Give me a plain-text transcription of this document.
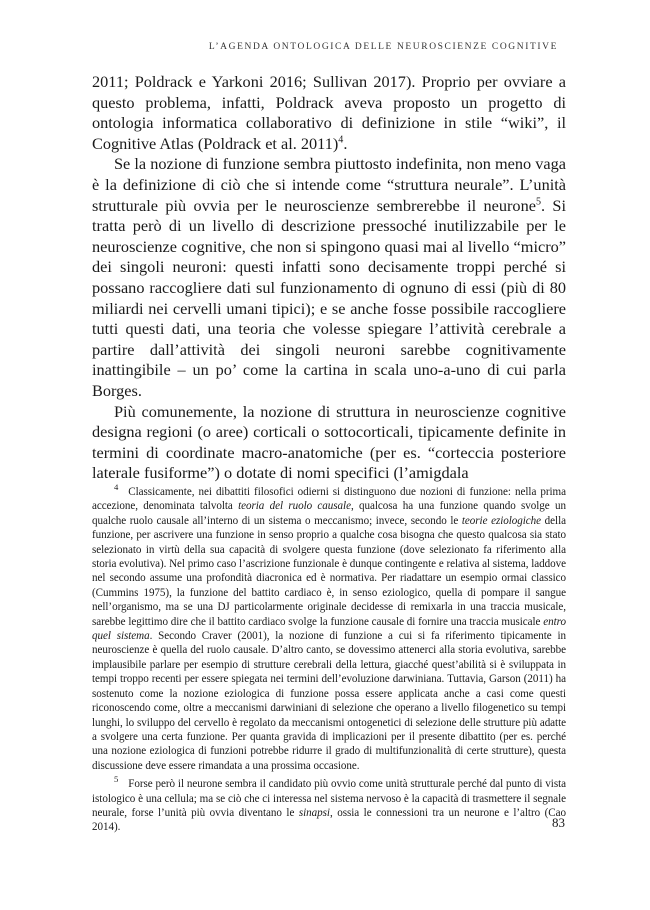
L’AGENDA ONTOLOGICA DELLE NEUROSCIENZE COGNITIVE

2011; Poldrack e Yarkoni 2016; Sullivan 2017). Proprio per ovviare a questo problema, infatti, Poldrack aveva proposto un progetto di ontologia informatica collaborativo di definizione in stile “wiki”, il Cognitive Atlas (Poldrack et al. 2011)$^4$.

Se la nozione di funzione sembra piuttosto indefinita, non meno vaga è la definizione di ciò che si intende come “struttura neurale”. L’unità strutturale più ovvia per le neuroscienze sembrerebbe il neurone$^5$. Si tratta però di un livello di descrizione pressoché inutilizzabile per le neuroscienze cognitive, che non si spingono quasi mai al livello “micro” dei singoli neuroni: questi infatti sono decisamente troppi perché si possano raccogliere dati sul funzionamento di ognuno di essi (più di 80 miliardi nei cervelli umani tipici); e se anche fosse possibile raccogliere tutti questi dati, una teoria che volesse spiegare l’attività cerebrale a partire dall’attività dei singoli neuroni sarebbe cognitivamente inattingibile – un po’ come la cartina in scala uno-a-uno di cui parla Borges.

Più comunemente, la nozione di struttura in neuroscienze cognitive designa regioni (o aree) corticali o sottocorticali, tipicamente definite in termini di coordinate macro-anatomiche (per es. “corteccia posteriore laterale fusiforme”) o dotate di nomi specifici (l’amigdala

$^4$ Classicamente, nei dibattiti filosofici odierni si distinguono due nozioni di funzione: nella prima accezione, denominata talvolta teoria del ruolo causale, qualcosa ha una funzione quando svolge un qualche ruolo causale all’interno di un sistema o meccanismo; invece, secondo le teorie eziologiche della funzione, per ascrivere una funzione in senso proprio a qualche cosa bisogna che questo qualcosa sia stato selezionato in virtù della sua capacità di svolgere questa funzione (dove selezionato fa riferimento alla storia evolutiva). Nel primo caso l’ascrizione funzionale è dunque contingente e relativa al sistema, laddove nel secondo assume una profondità diacronica ed è normativa. Per riadattare un esempio ormai classico (Cummins 1975), la funzione del battito cardiaco è, in senso eziologico, quella di pompare il sangue nell’organismo, ma se una DJ particolarmente originale decidesse di remixarla in una traccia musicale, sarebbe legittimo dire che il battito cardiaco svolge la funzione causale di fornire una traccia musicale entro quel sistema. Secondo Craver (2001), la nozione di funzione a cui si fa riferimento tipicamente in neuroscienze è quella del ruolo causale. D’altro canto, se dovessimo attenerci alla storia evolutiva, sarebbe implausibile parlare per esempio di strutture cerebrali della lettura, giacché quest’abilità si è sviluppata in tempi troppo recenti per essere spiegata nei termini dell’evoluzione darwiniana. Tuttavia, Garson (2011) ha sostenuto come la nozione eziologica di funzione possa essere applicata anche a casi come questi riconoscendo come, oltre a meccanismi darwiniani di selezione che operano a livello filogenetico su tempi lunghi, lo sviluppo del cervello è regolato da meccanismi ontogenetici di selezione delle strutture più adatte a svolgere una certa funzione. Per quanta gravida di implicazioni per il presente dibattito (per es. perché una nozione eziologica di funzioni potrebbe ridurre il grado di multifunzionalità di certe strutture), questa discussione deve essere rimandata a una prossima occasione.

$^5$ Forse però il neurone sembra il candidato più ovvio come unità strutturale perché dal punto di vista istologico è una cellula; ma se ciò che ci interessa nel sistema nervoso è la capacità di trasmettere il segnale neurale, forse l’unità più ovvia diventano le sinapsi, ossia le connessioni tra un neurone e l’altro (Cao 2014).	83
